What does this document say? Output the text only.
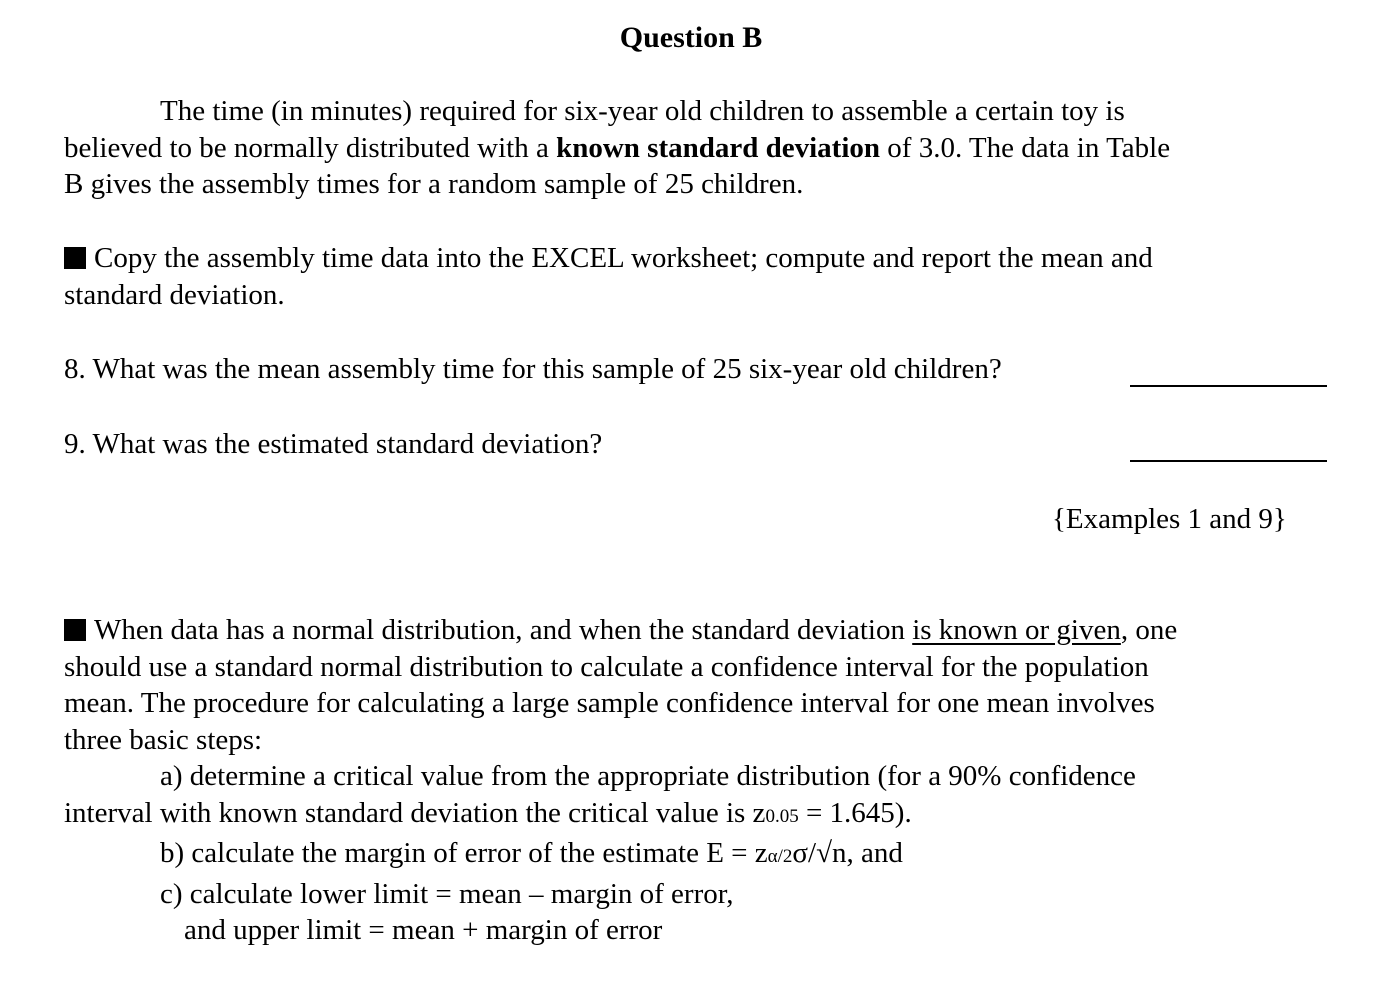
Question B
The time (in minutes) required for six-year old children to assemble a certain toy is
believed to be normally distributed with a known standard deviation of 3.0. The data in Table
B gives the assembly times for a random sample of 25 children.
Copy the assembly time data into the EXCEL worksheet; compute and report the mean and
standard deviation.
8. What was the mean assembly time for this sample of 25 six-year old children?
9. What was the estimated standard deviation?
{Examples 1 and 9}
When data has a normal distribution, and when the standard deviation is known or given, one
should use a standard normal distribution to calculate a confidence interval for the population
mean. The procedure for calculating a large sample confidence interval for one mean involves
three basic steps:
a) determine a critical value from the appropriate distribution (for a 90% confidence
interval with known standard deviation the critical value is z0.05 = 1.645).
b) calculate the margin of error of the estimate E = zα/2σ/√n, and
c) calculate lower limit = mean – margin of error,
and upper limit = mean + margin of error
